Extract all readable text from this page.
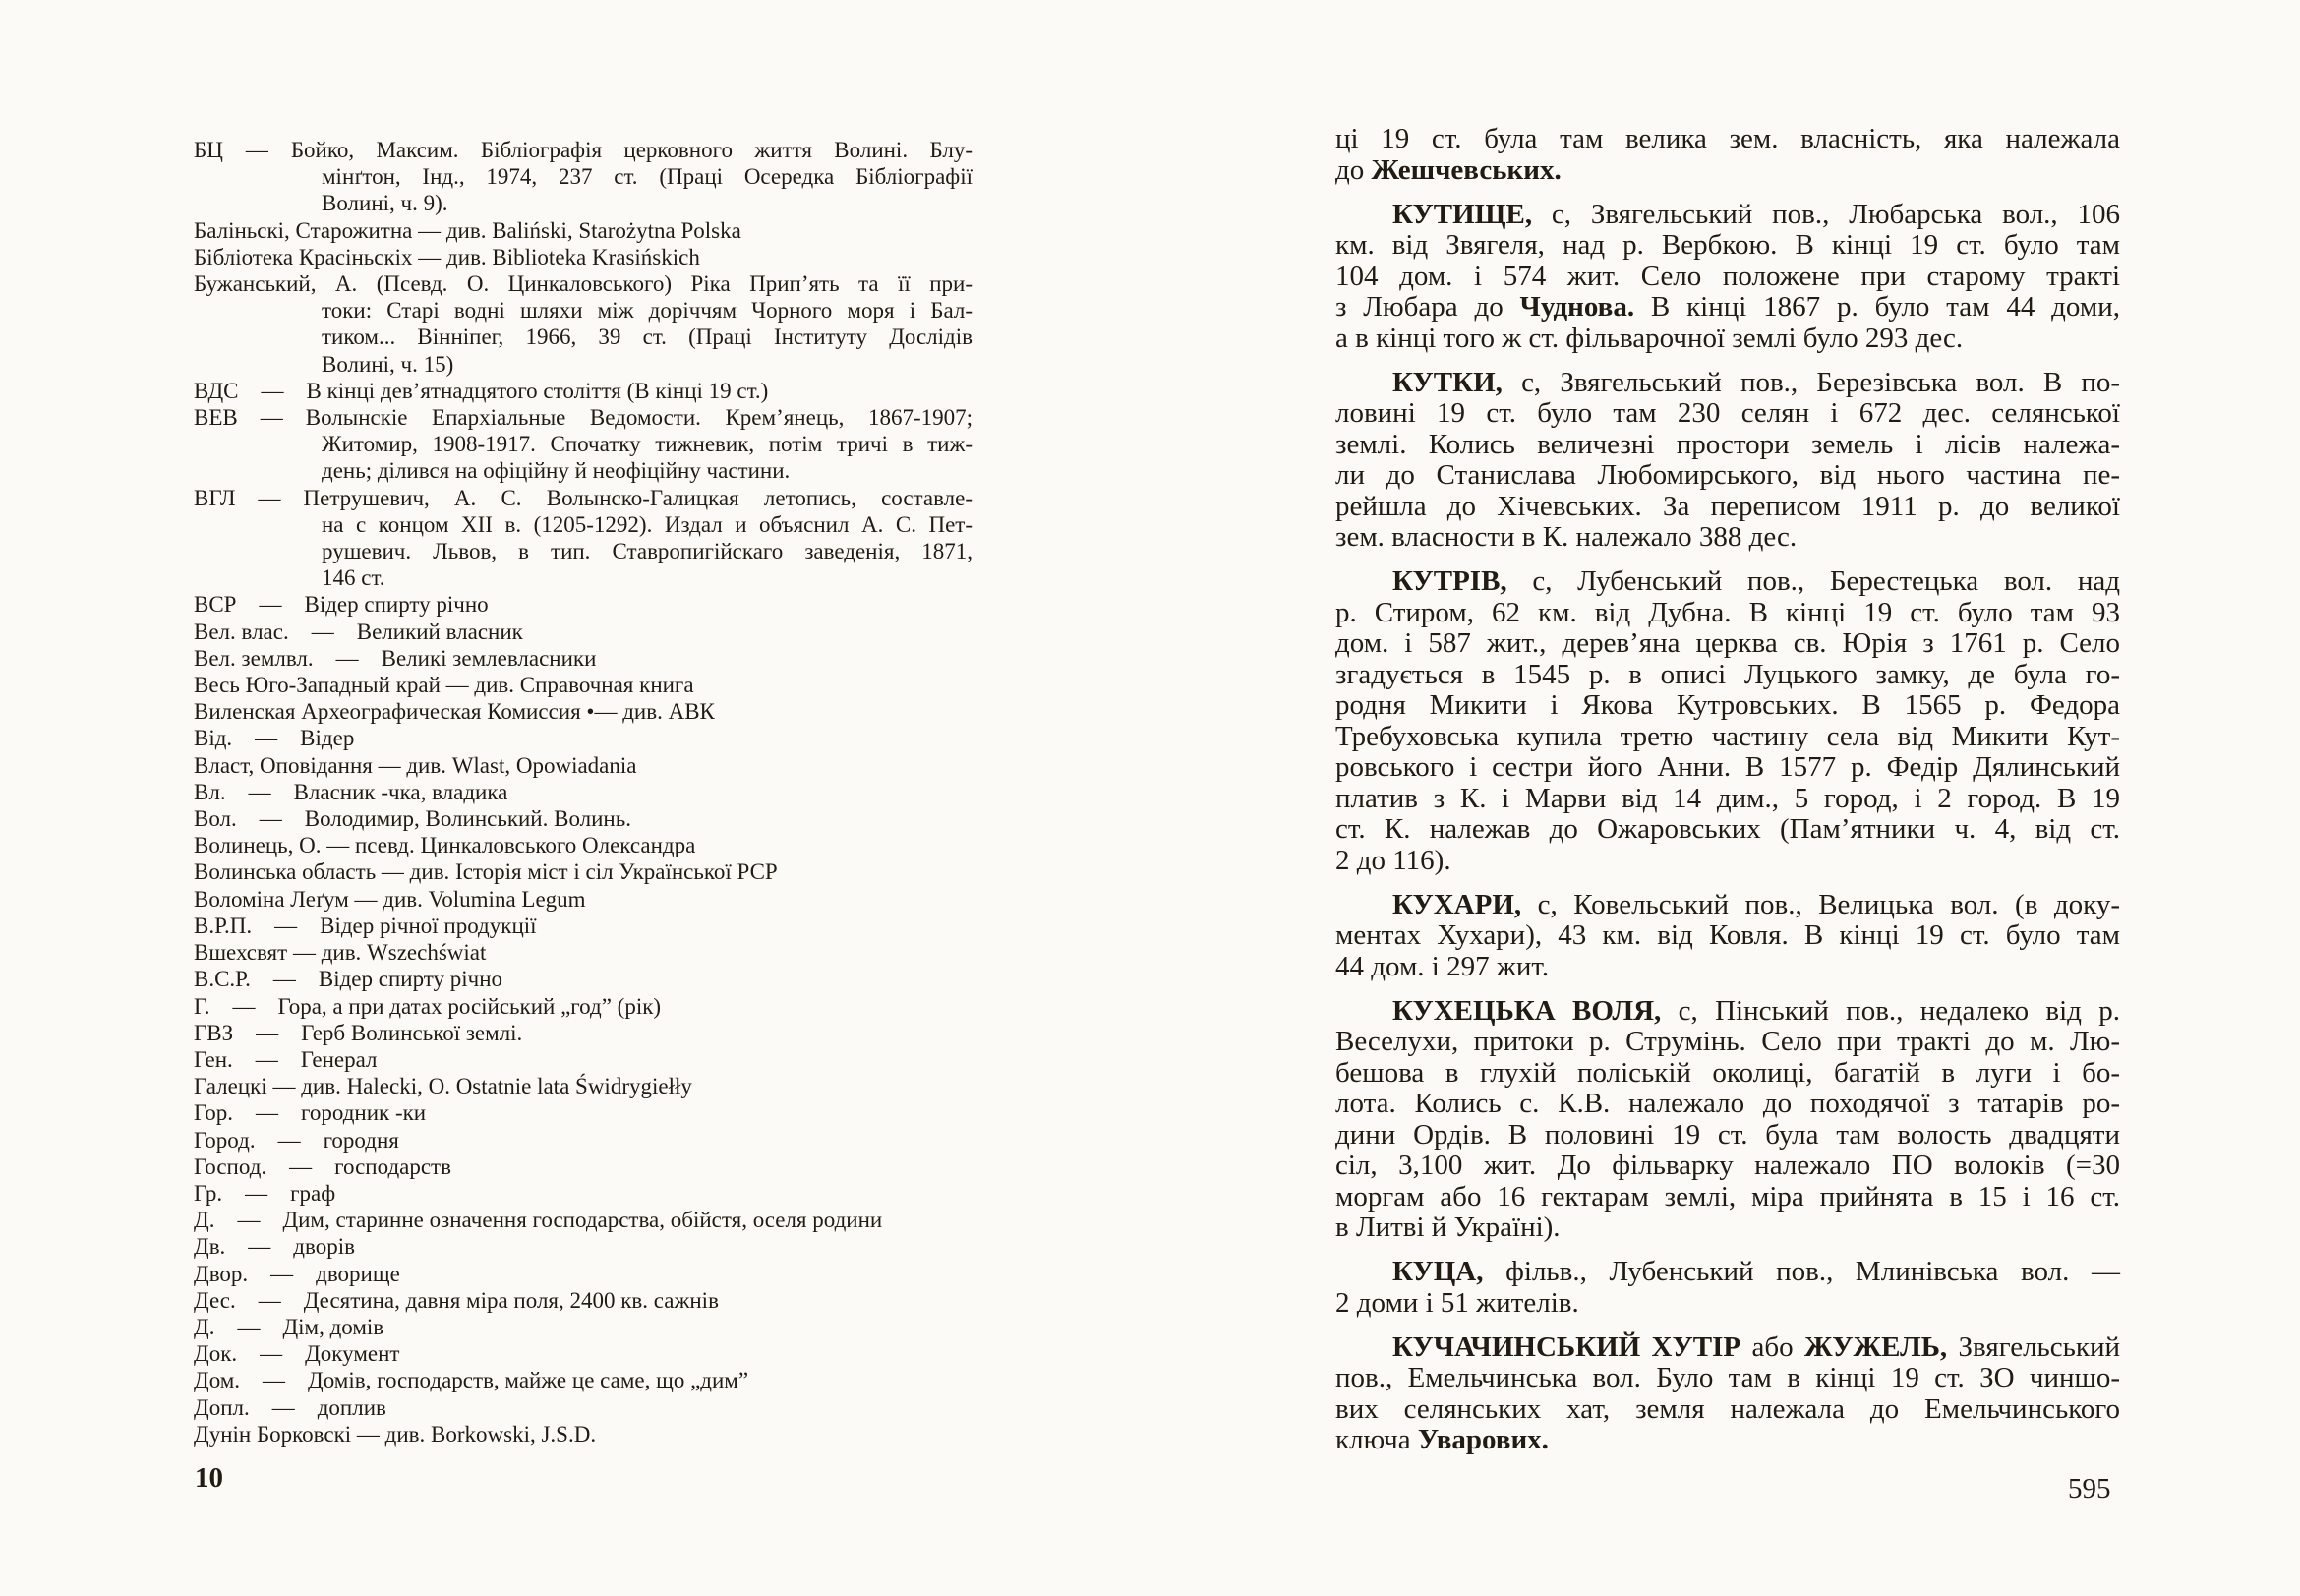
БЦ — Бойко, Максим. Бібліографія церковного життя Волині. Блу-
мінґтон, Інд., 1974, 237 ст. (Праці Осередка Бібліографії
Волині, ч. 9).
Баліньскі, Старожитна — див. Baliński, Starożytna Polska
Бібліотека Красіньскіх — див. Biblioteka Krasińskich
Бужанський, А. (Псевд. О. Цинкаловського) Ріка Прип’ять та її при-
токи: Старі водні шляхи між доріччям Чорного моря і Бал-
тиком... Вінніпег, 1966, 39 ст. (Праці Інституту Дослідів
Волині, ч. 15)
ВДС — В кінці дев’ятнадцятого століття (В кінці 19 ст.)
ВЕВ — Волынскіе Епархіальные Ведомости. Крем’янець, 1867-1907;
Житомир, 1908-1917. Спочатку тижневик, потім тричі в тиж-
день; ділився на офіційну й неофіційну частини.
ВГЛ — Петрушевич, А. С. Волынско-Галицкая летопись, составле-
на с концом XII в. (1205-1292). Издал и объяснил А. С. Пет-
рушевич. Львов, в тип. Ставропигійскаго заведенія, 1871,
146 ст.
ВСР — Відер спирту річно
Вел. влас. — Великий власник
Вел. землвл. — Великі землевласники
Весь Юго-Западный край — див. Справочная книга
Виленская Археографическая Комиссия •— див. АВК
Від. — Відер
Власт, Оповідання — див. Wlast, Opowiadania
Вл. — Власник -чка, владика
Вол. — Володимир, Волинський. Волинь.
Волинець, О. — псевд. Цинкаловського Олександра
Волинська область — див. Історія міст і сіл Української РСР
Воломіна Леґум — див. Volumina Legum
В.Р.П. — Відер річної продукції
Вшехсвят — див. Wszechświat
В.С.Р. — Відер спирту річно
Г. — Гора, а при датах російський „год” (рік)
ГВЗ — Герб Волинської землі.
Ген. — Генерал
Галецкі — див. Halecki, O. Ostatnie lata Świdrygiełły
Гор. — городник -ки
Город. — городня
Господ. — господарств
Гр. — граф
Д. — Дим, старинне означення господарства, обійстя, оселя родини
Дв. — дворів
Двор. — дворище
Дес. — Десятина, давня міра поля, 2400 кв. сажнів
Д. — Дім, домів
Док. — Документ
Дом. — Домів, господарств, майже це саме, що „дим”
Допл. — доплив
Дунін Борковскі — див. Borkowski, J.S.D.
ці 19 ст. була там велика зем. власність, яка належала
до Жешчевських.
КУТИЩЕ, с, Звягельський пов., Любарська вол., 106
км. від Звягеля, над р. Вербкою. В кінці 19 ст. було там
104 дом. і 574 жит. Село положене при старому тракті
з Любара до Чуднова. В кінці 1867 р. було там 44 доми,
а в кінці того ж ст. фільварочної землі було 293 дес.
КУТКИ, с, Звягельський пов., Березівська вол. В по-
ловині 19 ст. було там 230 селян і 672 дес. селянської
землі. Колись величезні простори земель і лісів належа-
ли до Станислава Любомирського, від нього частина пе-
рейшла до Хічевських. За переписом 1911 р. до великої
зем. власности в К. належало 388 дес.
КУТРІВ, с, Лубенський пов., Берестецька вол. над
р. Стиром, 62 км. від Дубна. В кінці 19 ст. було там 93
дом. і 587 жит., дерев’яна церква св. Юрія з 1761 р. Село
згадується в 1545 р. в описі Луцького замку, де була го-
родня Микити і Якова Кутровських. В 1565 р. Федора
Требуховська купила третю частину села від Микити Кут-
ровського і сестри його Анни. В 1577 р. Федір Дялинський
платив з К. і Марви від 14 дим., 5 город, і 2 город. В 19
ст. К. належав до Ожаровських (Пам’ятники ч. 4, від ст.
2 до 116).
КУХАРИ, с, Ковельський пов., Велицька вол. (в доку-
ментах Хухари), 43 км. від Ковля. В кінці 19 ст. було там
44 дом. і 297 жит.
КУХЕЦЬКА ВОЛЯ, с, Пінський пов., недалеко від р.
Веселухи, притоки р. Струмінь. Село при тракті до м. Лю-
бешова в глухій поліській околиці, багатій в луги і бо-
лота. Колись с. К.В. належало до походячої з татарів ро-
дини Ордів. В половині 19 ст. була там волость двадцяти
сіл, 3,100 жит. До фільварку належало ПО волоків (=30
моргам або 16 гектарам землі, міра прийнята в 15 і 16 ст.
в Литві й Україні).
КУЦА, фільв., Лубенський пов., Млинівська вол. —
2 доми і 51 жителів.
КУЧАЧИНСЬКИЙ ХУТІР або ЖУЖЕЛЬ, Звягельський
пов., Емельчинська вол. Було там в кінці 19 ст. ЗО чиншо-
вих селянських хат, земля належала до Емельчинського
ключа Уварових.
10	595
